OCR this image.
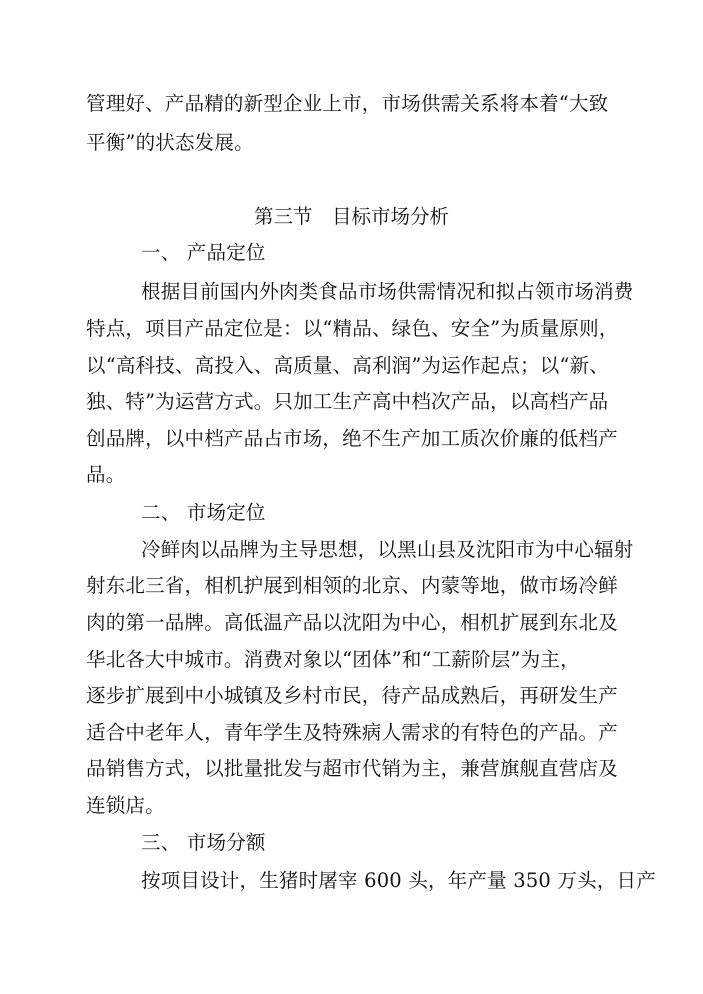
管理好、产品精的新型企业上市，市场供需关系将本着“大致
平衡”的状态发展。
第三节　目标市场分析
一、 产品定位
根据目前国内外肉类食品市场供需情况和拟占领市场消费
特点，项目产品定位是：以“精品、绿色、安全”为质量原则，
以“高科技、高投入、高质量、高利润”为运作起点；以“新、
独、特”为运营方式。只加工生产高中档次产品，以高档产品
创品牌，以中档产品占市场，绝不生产加工质次价廉的低档产
品。
二、 市场定位
冷鲜肉以品牌为主导思想，以黑山县及沈阳市为中心辐射
射东北三省，相机护展到相领的北京、内蒙等地，做市场冷鲜
肉的第一品牌。高低温产品以沈阳为中心，相机扩展到东北及
华北各大中城市。消费对象以“团体”和“工薪阶层”为主，
逐步扩展到中小城镇及乡村市民，待产品成熟后，再研发生产
适合中老年人，青年学生及特殊病人需求的有特色的产品。产
品销售方式，以批量批发与超市代销为主，兼营旗舰直营店及
连锁店。
三、 市场分额
按项目设计，生猪时屠宰 600 头，年产量 350 万头，日产
